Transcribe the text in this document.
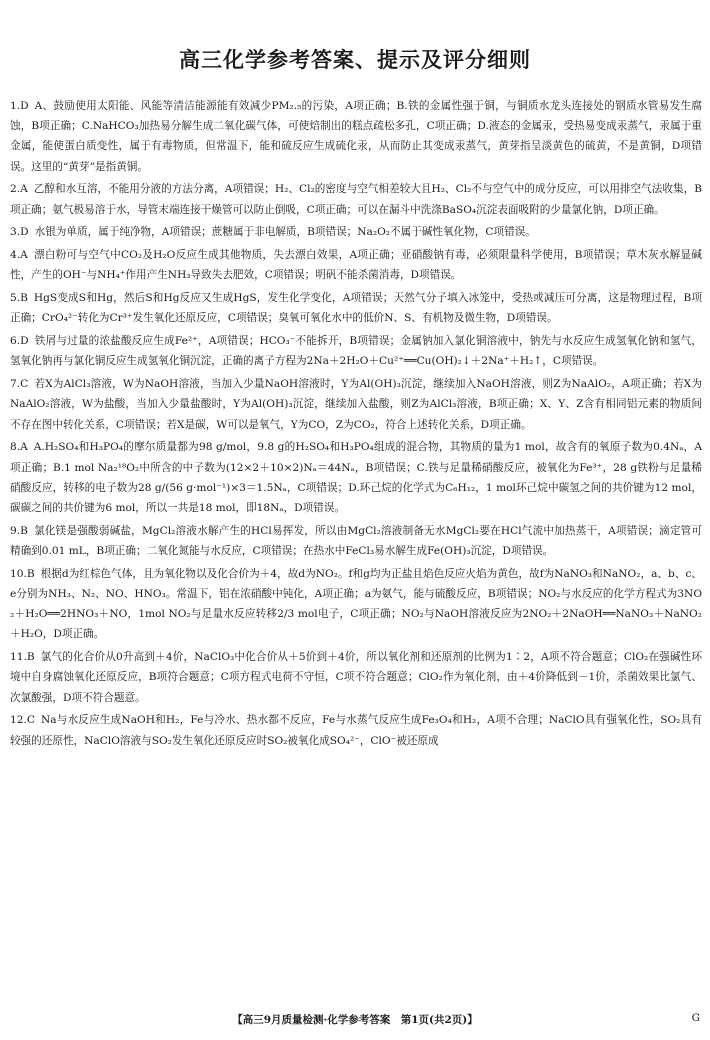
高三化学参考答案、提示及评分细则

1.D A、鼓励使用太阳能、风能等清洁能源能有效减少PM₂.₅的污染，A项正确；B.铁的金属性强于铜，与铜质水龙头连接处的钢质水管易发生腐蚀，B项正确；C.NaHCO₃加热易分解生成二氧化碳气体，可使焙制出的糕点疏松多孔，C项正确；D.液态的金属汞，受热易变成汞蒸气，汞属于重金属，能使蛋白质变性，属于有毒物质，但常温下，能和硫反应生成硫化汞，从而防止其变成汞蒸气，黄芽指呈淡黄色的硫黄，不是黄铜，D项错误。这里的“黄芽”是指黄铜。

2.A 乙醇和水互溶，不能用分液的方法分离，A项错误；H₂、Cl₂的密度与空气相差较大且H₂、Cl₂不与空气中的成分反应，可以用排空气法收集，B项正确；氨气极易溶于水，导管末端连接干燥管可以防止倒吸，C项正确；可以在漏斗中洗涤BaSO₄沉淀表面吸附的少量氯化钠，D项正确。

3.D 水银为单质，属于纯净物，A项错误；蔗糖属于非电解质，B项错误；Na₂O₂不属于碱性氧化物，C项错误。

4.A 漂白粉可与空气中CO₂及H₂O反应生成其他物质，失去漂白效果，A项正确；亚硝酸钠有毒，必须限量科学使用，B项错误；草木灰水解显碱性，产生的OH⁻与NH₄⁺作用产生NH₃导致失去肥效，C项错误；明矾不能杀菌消毒，D项错误。

5.B HgS变成S和Hg，然后S和Hg反应又生成HgS，发生化学变化，A项错误；天然气分子填入冰笼中，受热或减压可分离，这是物理过程，B项正确；CrO₄²⁻转化为Cr³⁺发生氧化还原反应，C项错误；臭氧可氧化水中的低价N、S、有机物及微生物，D项错误。

6.D 铁屑与过量的浓盐酸反应生成Fe²⁺，A项错误；HCO₃⁻不能拆开，B项错误；金属钠加入氯化铜溶液中，钠先与水反应生成氢氧化钠和氢气，氢氧化钠再与氯化铜反应生成氢氧化铜沉淀，正确的离子方程为2Na＋2H₂O＋Cu²⁺══Cu(OH)₂↓＋2Na⁺＋H₂↑，C项错误。

7.C 若X为AlCl₃溶液，W为NaOH溶液，当加入少量NaOH溶液时，Y为Al(OH)₃沉淀，继续加入NaOH溶液，则Z为NaAlO₂，A项正确；若X为NaAlO₂溶液，W为盐酸，当加入少量盐酸时，Y为Al(OH)₃沉淀，继续加入盐酸，则Z为AlCl₃溶液，B项正确；X、Y、Z含有相同铝元素的物质间不存在图中转化关系，C项错误；若X是碳，W可以是氧气，Y为CO，Z为CO₂，符合上述转化关系，D项正确。

8.A A.H₂SO₄和H₃PO₄的摩尔质量都为98 g/mol，9.8 g的H₂SO₄和H₃PO₄组成的混合物，其物质的量为1 mol，故含有的氧原子数为0.4Nₐ，A项正确；B.1 mol Na₂¹⁸O₂中所含的中子数为(12×2＋10×2)Nₐ＝44Nₐ，B项错误；C.铁与足量稀硝酸反应，被氧化为Fe³⁺，28 g铁粉与足量稀硝酸反应，转移的电子数为28 g/(56 g·mol⁻¹)×3＝1.5Nₐ，C项错误；D.环己烷的化学式为C₆H₁₂，1 mol环己烷中碳氢之间的共价键为12 mol，碳碳之间的共价键为6 mol，所以一共是18 mol，即18Nₐ，D项错误。

9.B 氯化镁是强酸弱碱盐，MgCl₂溶液水解产生的HCl易挥发，所以由MgCl₂溶液制备无水MgCl₂要在HCl气流中加热蒸干，A项错误；滴定管可精确到0.01 mL，B项正确；二氧化氮能与水反应，C项错误；在热水中FeCl₃易水解生成Fe(OH)₃沉淀，D项错误。

10.B 根据d为红棕色气体，且为氧化物以及化合价为＋4，故d为NO₂。f和g均为正盐且焰色反应火焰为黄色，故f为NaNO₃和NaNO₂，a、b、c、e分别为NH₃、N₂、NO、HNO₃。常温下，铝在浓硝酸中钝化，A项正确；a为氨气，能与硫酸反应，B项错误；NO₂与水反应的化学方程式为3NO₂＋H₂O══2HNO₃＋NO，1mol NO₂与足量水反应转移2/3 mol电子，C项正确；NO₂与NaOH溶液反应为2NO₂＋2NaOH══NaNO₃＋NaNO₂＋H₂O，D项正确。

11.B 氯气的化合价从0升高到＋4价，NaClO₃中化合价从＋5价到＋4价，所以氧化剂和还原剂的比例为1∶2，A项不符合题意；ClO₂在强碱性环境中自身腐蚀氧化还原反应，B项符合题意；C项方程式电荷不守恒，C项不符合题意；ClO₂作为氧化剂，由＋4价降低到－1价，杀菌效果比氯气、次氯酸强，D项不符合题意。

12.C Na与水反应生成NaOH和H₂，Fe与冷水、热水都不反应，Fe与水蒸气反应生成Fe₃O₄和H₂，A项不合理；NaClO具有强氧化性，SO₂具有较强的还原性，NaClO溶液与SO₂发生氧化还原反应时SO₂被氧化成SO₄²⁻，ClO⁻被还原成

【高三9月质量检测·化学参考答案　第1页(共2页)】	G
